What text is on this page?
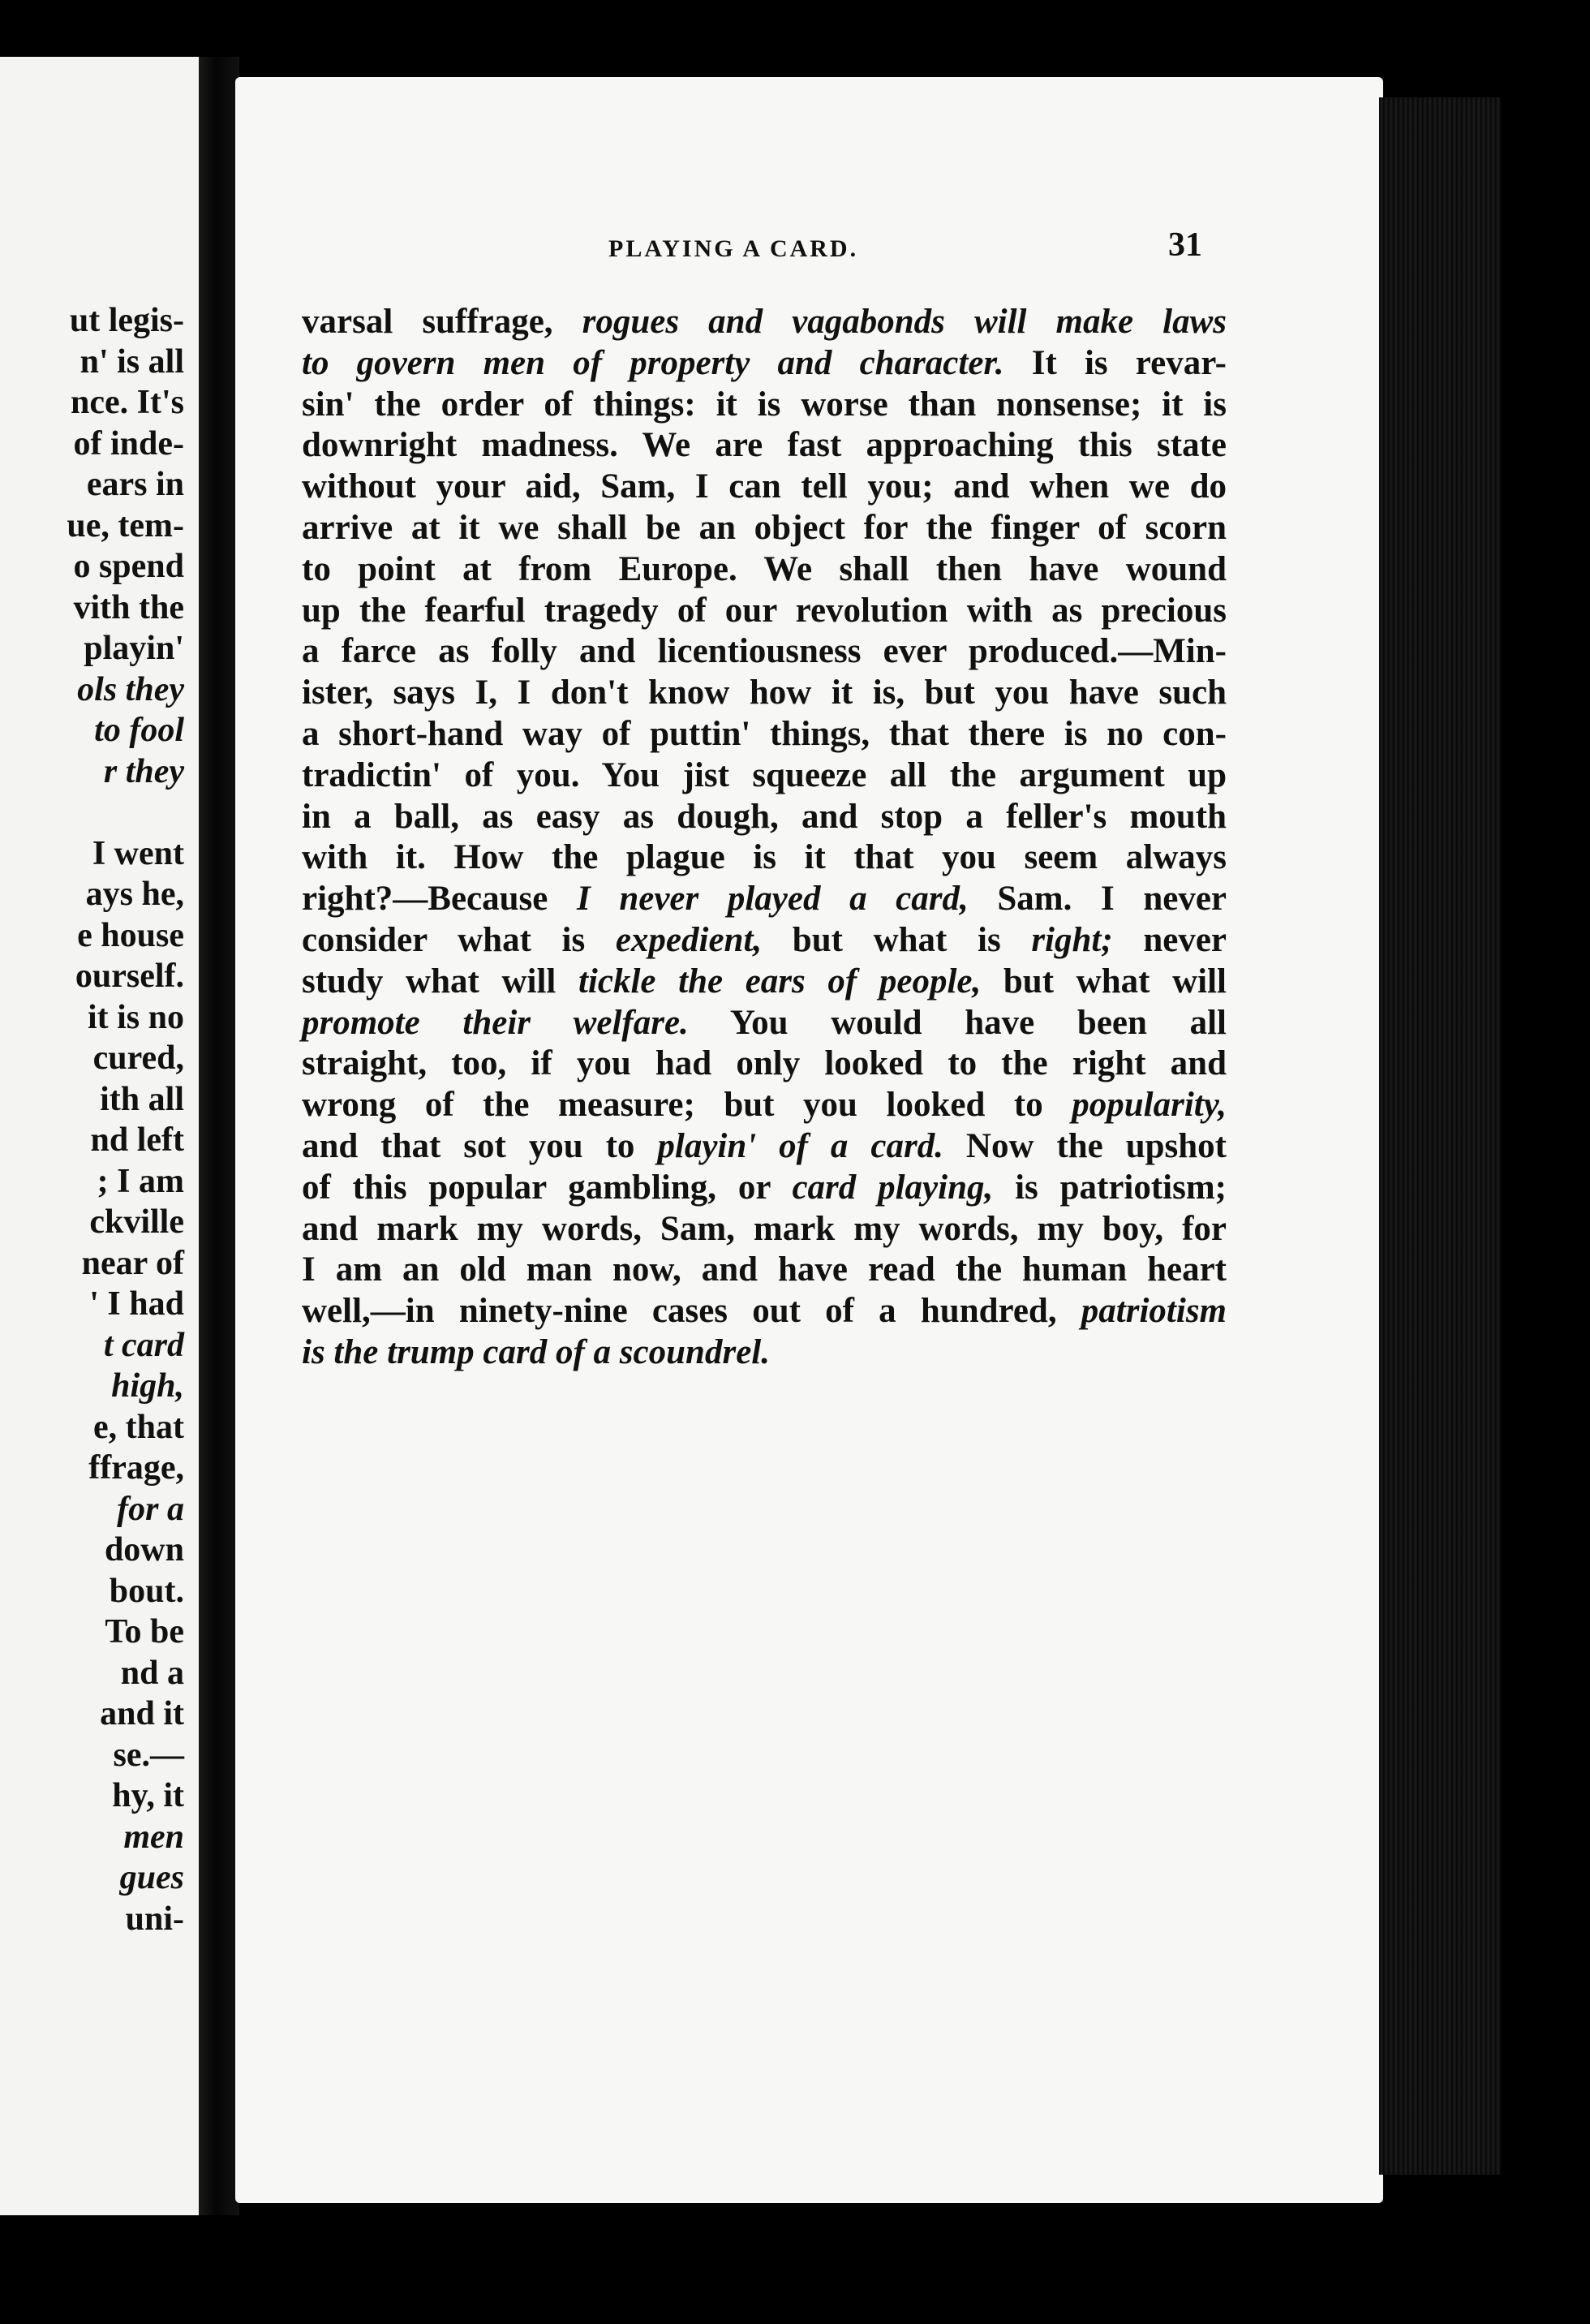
ut legis-
n' is all
nce. It's
of inde-
ears in
ue, tem-
o spend
vith the
playin'
ols they
to fool
r they
I went
ays he,
e house
ourself.
it is no
cured,
ith all
nd left
; I am
ckville
near of
' I had
t card
high,
e, that
ffrage,
for a
down
bout.
To be
nd a
and it
se.—
hy, it
men
gues
uni-
PLAYING A CARD.	31
varsal suffrage, rogues and vagabonds will make laws
to govern men of property and character. It is revar-
sin' the order of things: it is worse than nonsense; it is
downright madness. We are fast approaching this state
without your aid, Sam, I can tell you; and when we do
arrive at it we shall be an object for the finger of scorn
to point at from Europe. We shall then have wound
up the fearful tragedy of our revolution with as precious
a farce as folly and licentiousness ever produced.—Min-
ister, says I, I don't know how it is, but you have such
a short-hand way of puttin' things, that there is no con-
tradictin' of you. You jist squeeze all the argument up
in a ball, as easy as dough, and stop a feller's mouth
with it. How the plague is it that you seem always
right?—Because I never played a card, Sam. I never
consider what is expedient, but what is right; never
study what will tickle the ears of people, but what will
promote their welfare. You would have been all
straight, too, if you had only looked to the right and
wrong of the measure; but you looked to popularity,
and that sot you to playin' of a card. Now the upshot
of this popular gambling, or card playing, is patriotism;
and mark my words, Sam, mark my words, my boy, for
I am an old man now, and have read the human heart
well,—in ninety-nine cases out of a hundred, patriotism
is the trump card of a scoundrel.
